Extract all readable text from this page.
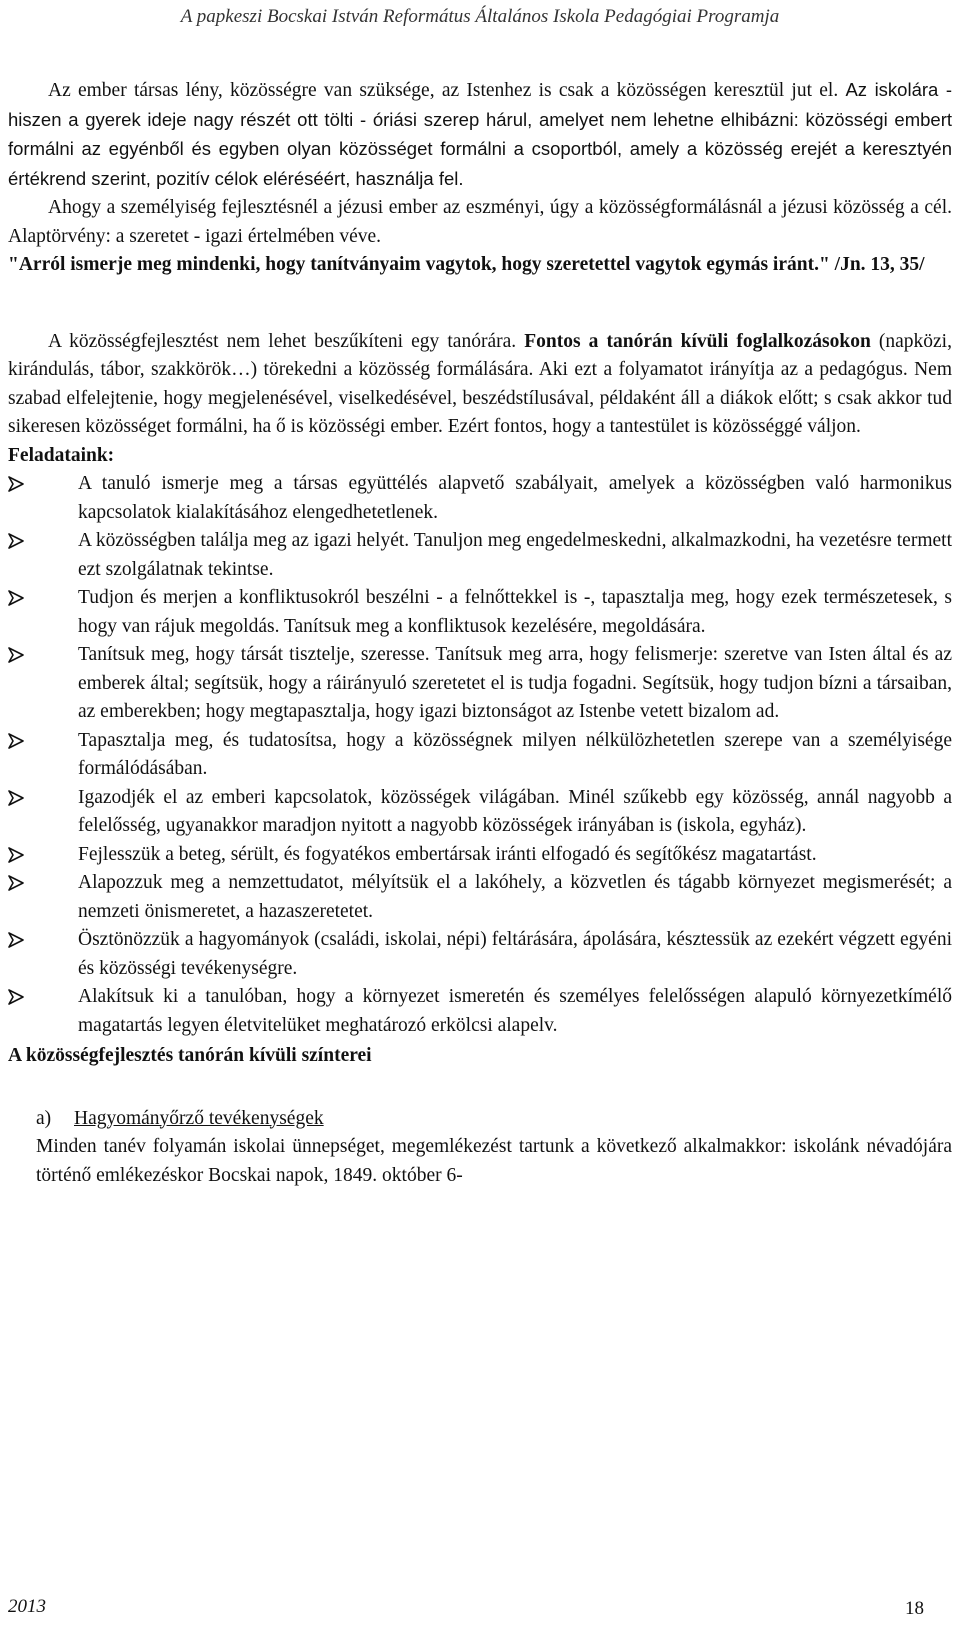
A papkeszi Bocskai István Református Általános Iskola Pedagógiai Programja

Az ember társas lény, közösségre van szüksége, az Istenhez is csak a közösségen keresztül jut el. Az iskolára - hiszen a gyerek ideje nagy részét ott tölti - óriási szerep hárul, amelyet nem lehetne elhibázni: közösségi embert formálni az egyénből és egyben olyan közösséget formálni a csoportból, amely a közösség erejét a keresztyén értékrend szerint, pozitív célok eléréséért, használja fel.

Ahogy a személyiség fejlesztésnél a jézusi ember az eszményi, úgy a közösségformálásnál a jézusi közösség a cél. Alaptörvény: a szeretet - igazi értelmében véve.

"Arról ismerje meg mindenki, hogy tanítványaim vagytok, hogy szeretettel vagytok egymás iránt." /Jn. 13, 35/

A közösségfejlesztést nem lehet beszűkíteni egy tanórára. Fontos a tanórán kívüli foglalkozásokon (napközi, kirándulás, tábor, szakkörök…) törekedni a közösség formálására. Aki ezt a folyamatot irányítja az a pedagógus. Nem szabad elfelejtenie, hogy megjelenésével, viselkedésével, beszédstílusával, példaként áll a diákok előtt; s csak akkor tud sikeresen közösséget formálni, ha ő is közösségi ember. Ezért fontos, hogy a tantestület is közösséggé váljon.

Feladataink:

A tanuló ismerje meg a társas együttélés alapvető szabályait, amelyek a közösségben való harmonikus kapcsolatok kialakításához elengedhetetlenek.
A közösségben találja meg az igazi helyét. Tanuljon meg engedelmeskedni, alkalmazkodni, ha vezetésre termett ezt szolgálatnak tekintse.
Tudjon és merjen a konfliktusokról beszélni - a felnőttekkel is -, tapasztalja meg, hogy ezek természetesek, s hogy van rájuk megoldás. Tanítsuk meg a konfliktusok kezelésére, megoldására.
Tanítsuk meg, hogy társát tisztelje, szeresse. Tanítsuk meg arra, hogy felismerje: szeretve van Isten által és az emberek által; segítsük, hogy a ráirányuló szeretetet el is tudja fogadni. Segítsük, hogy tudjon bízni a társaiban, az emberekben; hogy megtapasztalja, hogy igazi biztonságot az Istenbe vetett bizalom ad.
Tapasztalja meg, és tudatosítsa, hogy a közösségnek milyen nélkülözhetetlen szerepe van a személyisége formálódásában.
Igazodjék el az emberi kapcsolatok, közösségek világában. Minél szűkebb egy közösség, annál nagyobb a felelősség, ugyanakkor maradjon nyitott a nagyobb közösségek irányában is (iskola, egyház).
Fejlesszük a beteg, sérült, és fogyatékos embertársak iránti elfogadó és segítőkész magatartást.
Alapozzuk meg a nemzettudatot, mélyítsük el a lakóhely, a közvetlen és tágabb környezet megismerését; a nemzeti önismeretet, a hazaszeretetet.
Ösztönözzük a hagyományok (családi, iskolai, népi) feltárására, ápolására, késztessük az ezekért végzett egyéni és közösségi tevékenységre.
Alakítsuk ki a tanulóban, hogy a környezet ismeretén és személyes felelősségen alapuló környezetkímélő magatartás legyen életvitelüket meghatározó erkölcsi alapelv.

A közösségfejlesztés tanórán kívüli színterei

a) Hagyományőrző tevékenységek

Minden tanév folyamán iskolai ünnepséget, megemlékezést tartunk a következő alkalmakkor: iskolánk névadójára történő emlékezéskor Bocskai napok, 1849. október 6-

2013	18
